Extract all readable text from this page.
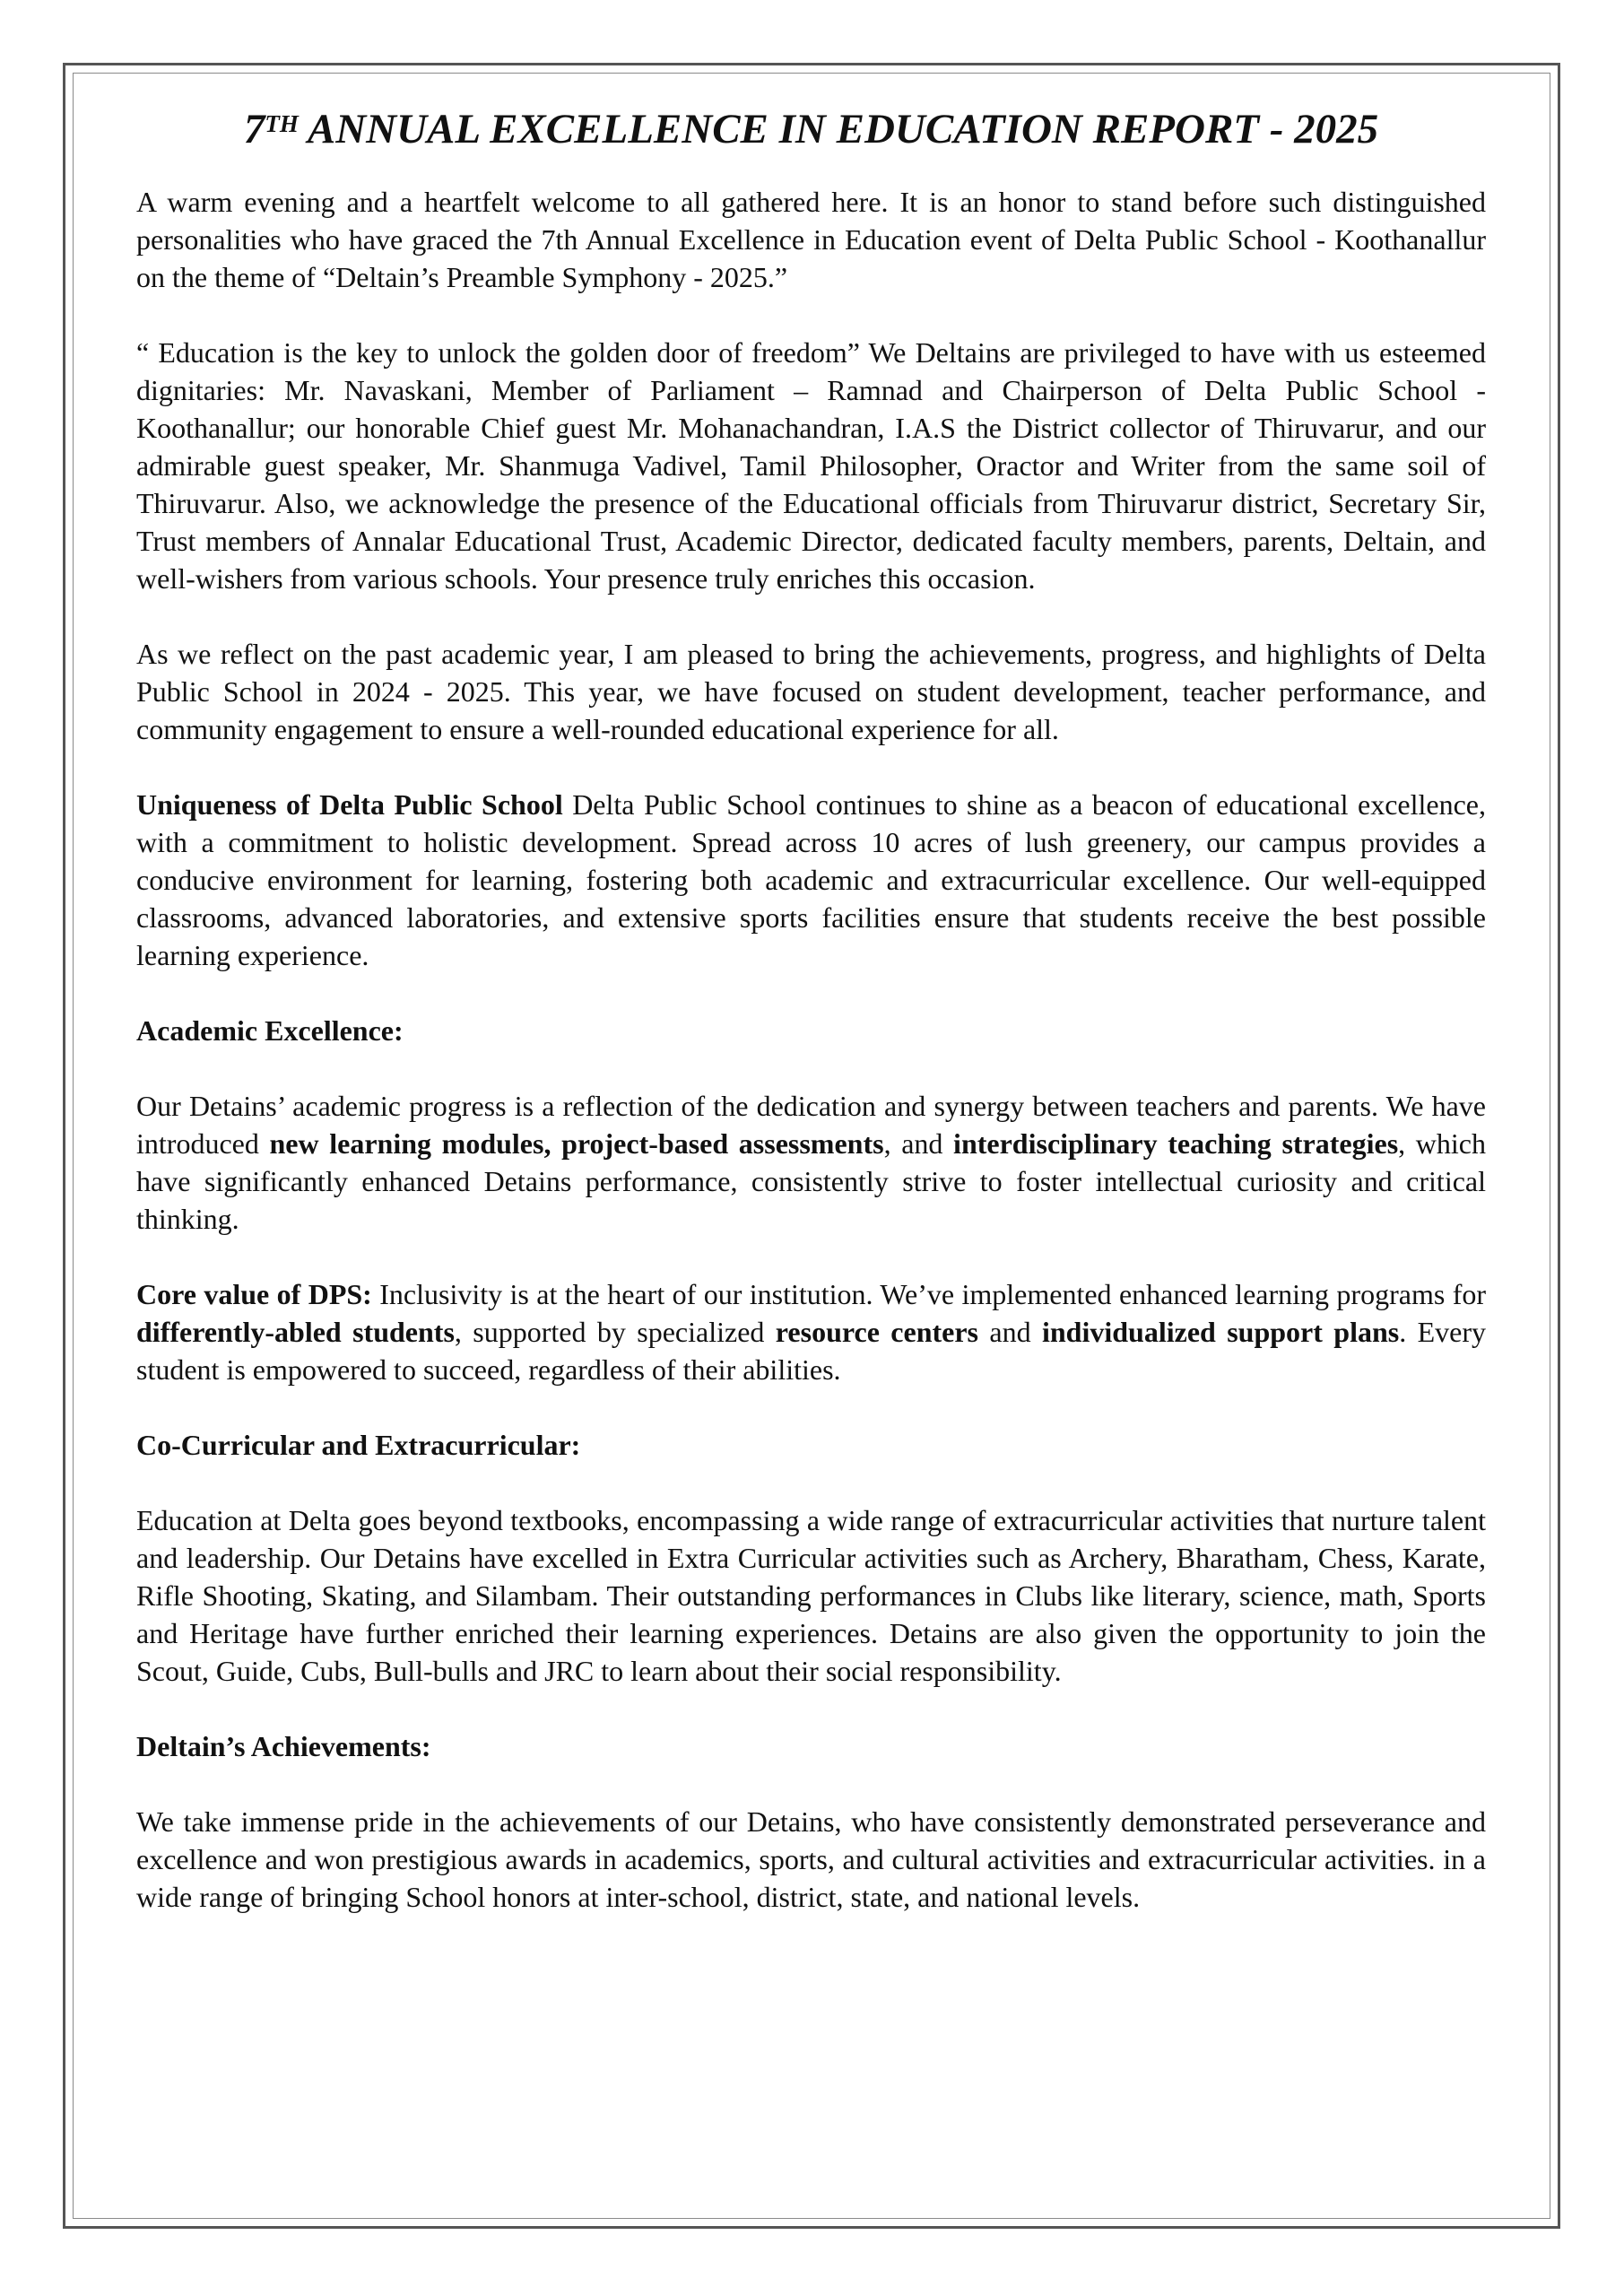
7TH ANNUAL EXCELLENCE IN EDUCATION REPORT - 2025

A warm evening and a heartfelt welcome to all gathered here. It is an honor to stand before such distinguished personalities who have graced the 7th Annual Excellence in Education event of Delta Public School - Koothanallur on the theme of “Deltain’s Preamble Symphony - 2025.”

“ Education is the key to unlock the golden door of freedom” We Deltains are privileged to have with us esteemed dignitaries: Mr. Navaskani, Member of Parliament – Ramnad and Chairperson of Delta Public School - Koothanallur; our honorable Chief guest Mr. Mohanachandran, I.A.S the District collector of Thiruvarur, and our admirable guest speaker, Mr. Shanmuga Vadivel, Tamil Philosopher, Oractor and Writer from the same soil of Thiruvarur. Also, we acknowledge the presence of the Educational officials from Thiruvarur district, Secretary Sir, Trust members of Annalar Educational Trust, Academic Director, dedicated faculty members, parents, Deltain, and well-wishers from various schools. Your presence truly enriches this occasion.

As we reflect on the past academic year, I am pleased to bring the achievements, progress, and highlights of Delta Public School in 2024 - 2025. This year, we have focused on student development, teacher performance, and community engagement to ensure a well-rounded educational experience for all.

Uniqueness of Delta Public School Delta Public School continues to shine as a beacon of educational excellence, with a commitment to holistic development. Spread across 10 acres of lush greenery, our campus provides a conducive environment for learning, fostering both academic and extracurricular excellence. Our well-equipped classrooms, advanced laboratories, and extensive sports facilities ensure that students receive the best possible learning experience.

Academic Excellence:

Our Detains’ academic progress is a reflection of the dedication and synergy between teachers and parents. We have introduced new learning modules, project-based assessments, and interdisciplinary teaching strategies, which have significantly enhanced Detains performance, consistently strive to foster intellectual curiosity and critical thinking.

Core value of DPS: Inclusivity is at the heart of our institution. We’ve implemented enhanced learning programs for differently-abled students, supported by specialized resource centers and individualized support plans. Every student is empowered to succeed, regardless of their abilities.

Co-Curricular and Extracurricular:

Education at Delta goes beyond textbooks, encompassing a wide range of extracurricular activities that nurture talent and leadership. Our Detains have excelled in Extra Curricular activities such as Archery, Bharatham, Chess, Karate, Rifle Shooting, Skating, and Silambam. Their outstanding performances in Clubs like literary, science, math, Sports and Heritage have further enriched their learning experiences. Detains are also given the opportunity to join the Scout, Guide, Cubs, Bull-bulls and JRC to learn about their social responsibility.

Deltain’s Achievements:

We take immense pride in the achievements of our Detains, who have consistently demonstrated perseverance and excellence and won prestigious awards in academics, sports, and cultural activities and extracurricular activities. in a wide range of bringing School honors at inter-school, district, state, and national levels.
